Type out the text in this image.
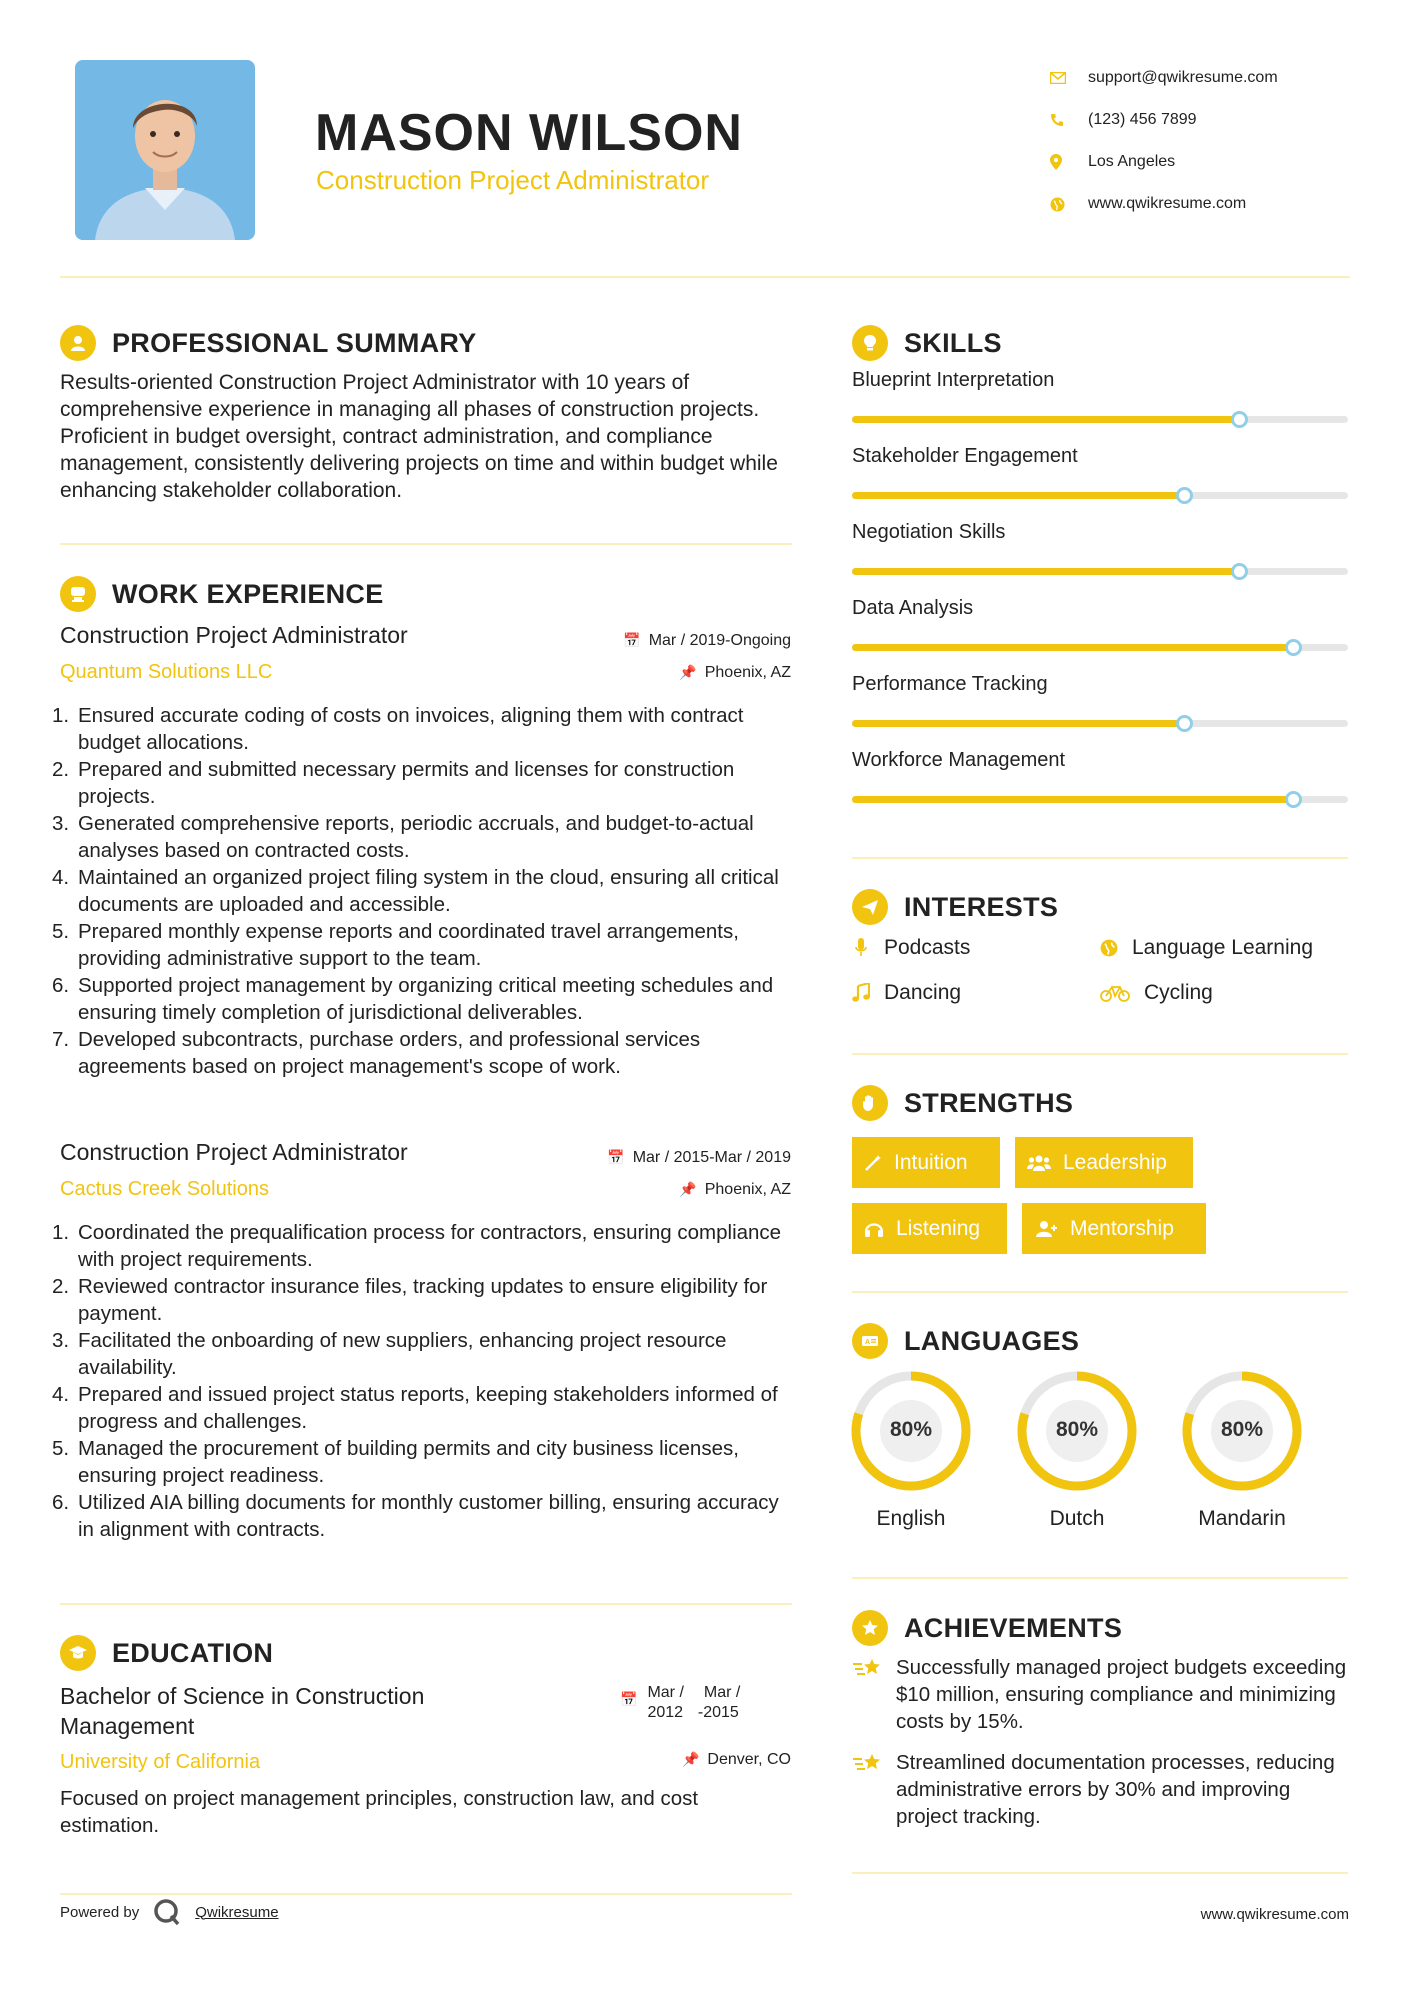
MASON WILSON
Construction Project Administrator
support@qwikresume.com
(123) 456 7899
Los Angeles
www.qwikresume.com
PROFESSIONAL SUMMARY
Results-oriented Construction Project Administrator with 10 years of comprehensive experience in managing all phases of construction projects. Proficient in budget oversight, contract administration, and compliance management, consistently delivering projects on time and within budget while enhancing stakeholder collaboration.
WORK EXPERIENCE
Construction Project Administrator
Quantum Solutions LLC
📅 Mar / 2019-Ongoing
📌 Phoenix, AZ
1. Ensured accurate coding of costs on invoices, aligning them with contract budget allocations.
2. Prepared and submitted necessary permits and licenses for construction projects.
3. Generated comprehensive reports, periodic accruals, and budget-to-actual analyses based on contracted costs.
4. Maintained an organized project filing system in the cloud, ensuring all critical documents are uploaded and accessible.
5. Prepared monthly expense reports and coordinated travel arrangements, providing administrative support to the team.
6. Supported project management by organizing critical meeting schedules and ensuring timely completion of jurisdictional deliverables.
7. Developed subcontracts, purchase orders, and professional services agreements based on project management's scope of work.
Construction Project Administrator
Cactus Creek Solutions
📅 Mar / 2015-Mar / 2019
📌 Phoenix, AZ
1. Coordinated the prequalification process for contractors, ensuring compliance with project requirements.
2. Reviewed contractor insurance files, tracking updates to ensure eligibility for payment.
3. Facilitated the onboarding of new suppliers, enhancing project resource availability.
4. Prepared and issued project status reports, keeping stakeholders informed of progress and challenges.
5. Managed the procurement of building permits and city business licenses, ensuring project readiness.
6. Utilized AIA billing documents for monthly customer billing, ensuring accuracy in alignment with contracts.
EDUCATION
Bachelor of Science in Construction
Management
University of California
📅 Mar /
2012
Mar /
-2015
📌 Denver, CO
Focused on project management principles, construction law, and cost estimation.
SKILLS
Blueprint Interpretation
Stakeholder Engagement
Negotiation Skills
Data Analysis
Performance Tracking
Workforce Management
INTERESTS
Podcasts	Language Learning
Dancing	Cycling
STRENGTHS
Intuition	Leadership
Listening	Mentorship
A LANGUAGES
80%
English
80%
Dutch
80%
Mandarin
ACHIEVEMENTS
Successfully managed project budgets exceeding $10 million, ensuring compliance and minimizing costs by 15%.
Streamlined documentation processes, reducing administrative errors by 30% and improving project tracking.
Powered by	Qwikresume	www.qwikresume.com
